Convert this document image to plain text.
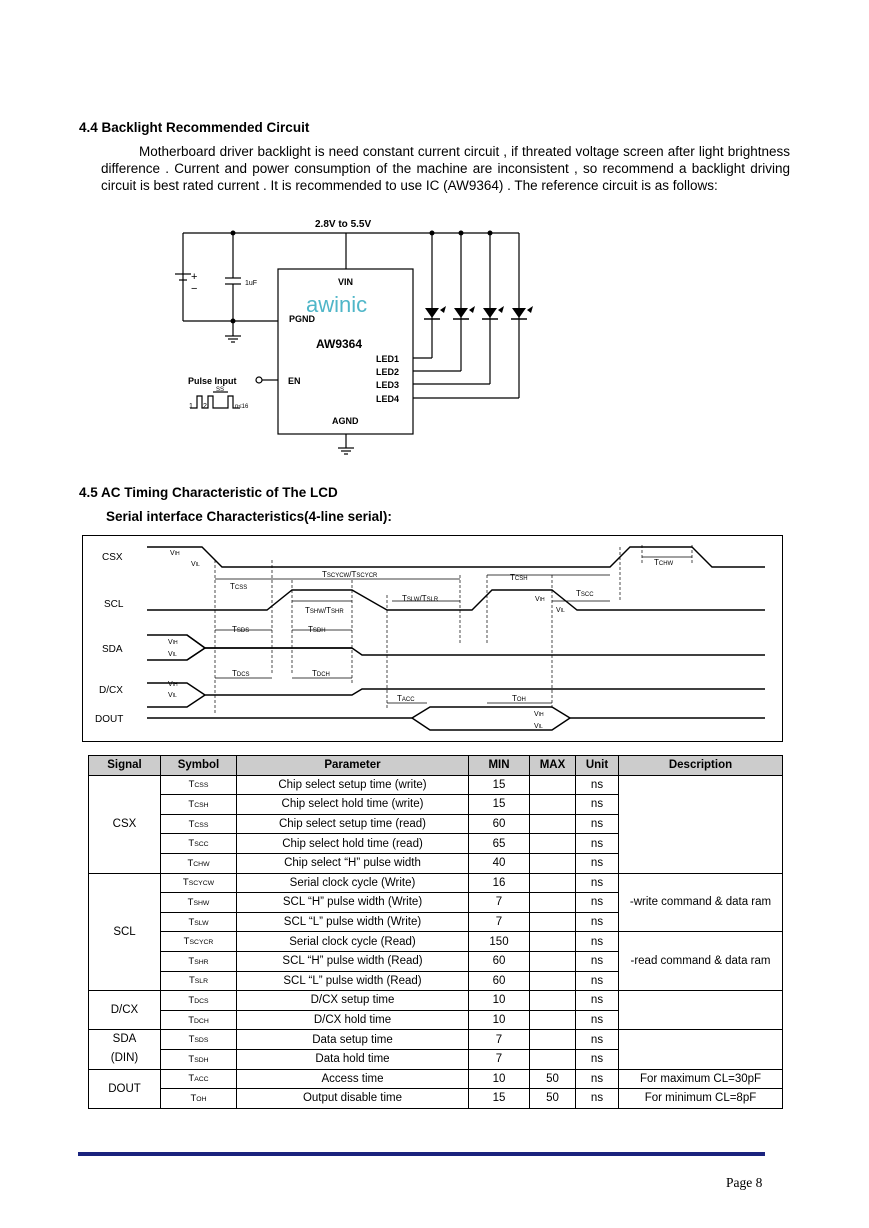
4.4 Backlight Recommended Circuit

Motherboard driver backlight is need constant current circuit , if threated voltage screen after light brightness difference . Current and power consumption of the machine are inconsistent , so recommend a backlight driving circuit is best rated current . It is recommended to use IC (AW9364) . The reference circuit is as follows:

2.8V to 5.5V
+
−	1uF	VIN
PGND
awinic
AW9364
LED1
LED2
LED3
LED4
EN
AGND
Pulse Input
SS
1 2	n≤16
4.5 AC Timing Characteristic of The LCD
Serial interface Characteristics(4-line serial):
CSX
SCL
SDA
D/CX
DOUT
VIH
VIL
VIH
VIL
VIH
VIL
VIH
VIL
VIH
VIL
TCSS
TSCYCW/TSCYCR	TCSH
TCHW
TSHW/TSHR
TSLW/TSLR
TSCC
TSDS	TSDH
TDCS	TDCH
TACC	TOH
Signal	Symbol	Parameter	MIN	MAX	Unit	Description
CSX	TCSS	Chip select setup time (write)	15		ns	
	TCSH	Chip select hold time (write)	15		ns	
	TCSS	Chip select setup time (read)	60		ns	
	TSCC	Chip select hold time (read)	65		ns	
	TCHW	Chip select “H” pulse width	40		ns	
SCL	TSCYCW	Serial clock cycle (Write)	16		ns	-write command & data ram
	TSHW	SCL “H” pulse width (Write)	7		ns	
	TSLW	SCL “L” pulse width (Write)	7		ns	
	TSCYCR	Serial clock cycle (Read)	150		ns	-read command & data ram
	TSHR	SCL “H” pulse width (Read)	60		ns	
	TSLR	SCL “L” pulse width (Read)	60		ns	
D/CX	TDCS	D/CX setup time	10		ns	
	TDCH	D/CX hold time	10		ns	
SDA
(DIN)	TSDS	Data setup time	7		ns	
	TSDH	Data hold time	7		ns	
DOUT	TACC	Access time	10	50	ns	For maximum CL=30pF
	TOH	Output disable time	15	50	ns	For minimum CL=8pF
Page 8
